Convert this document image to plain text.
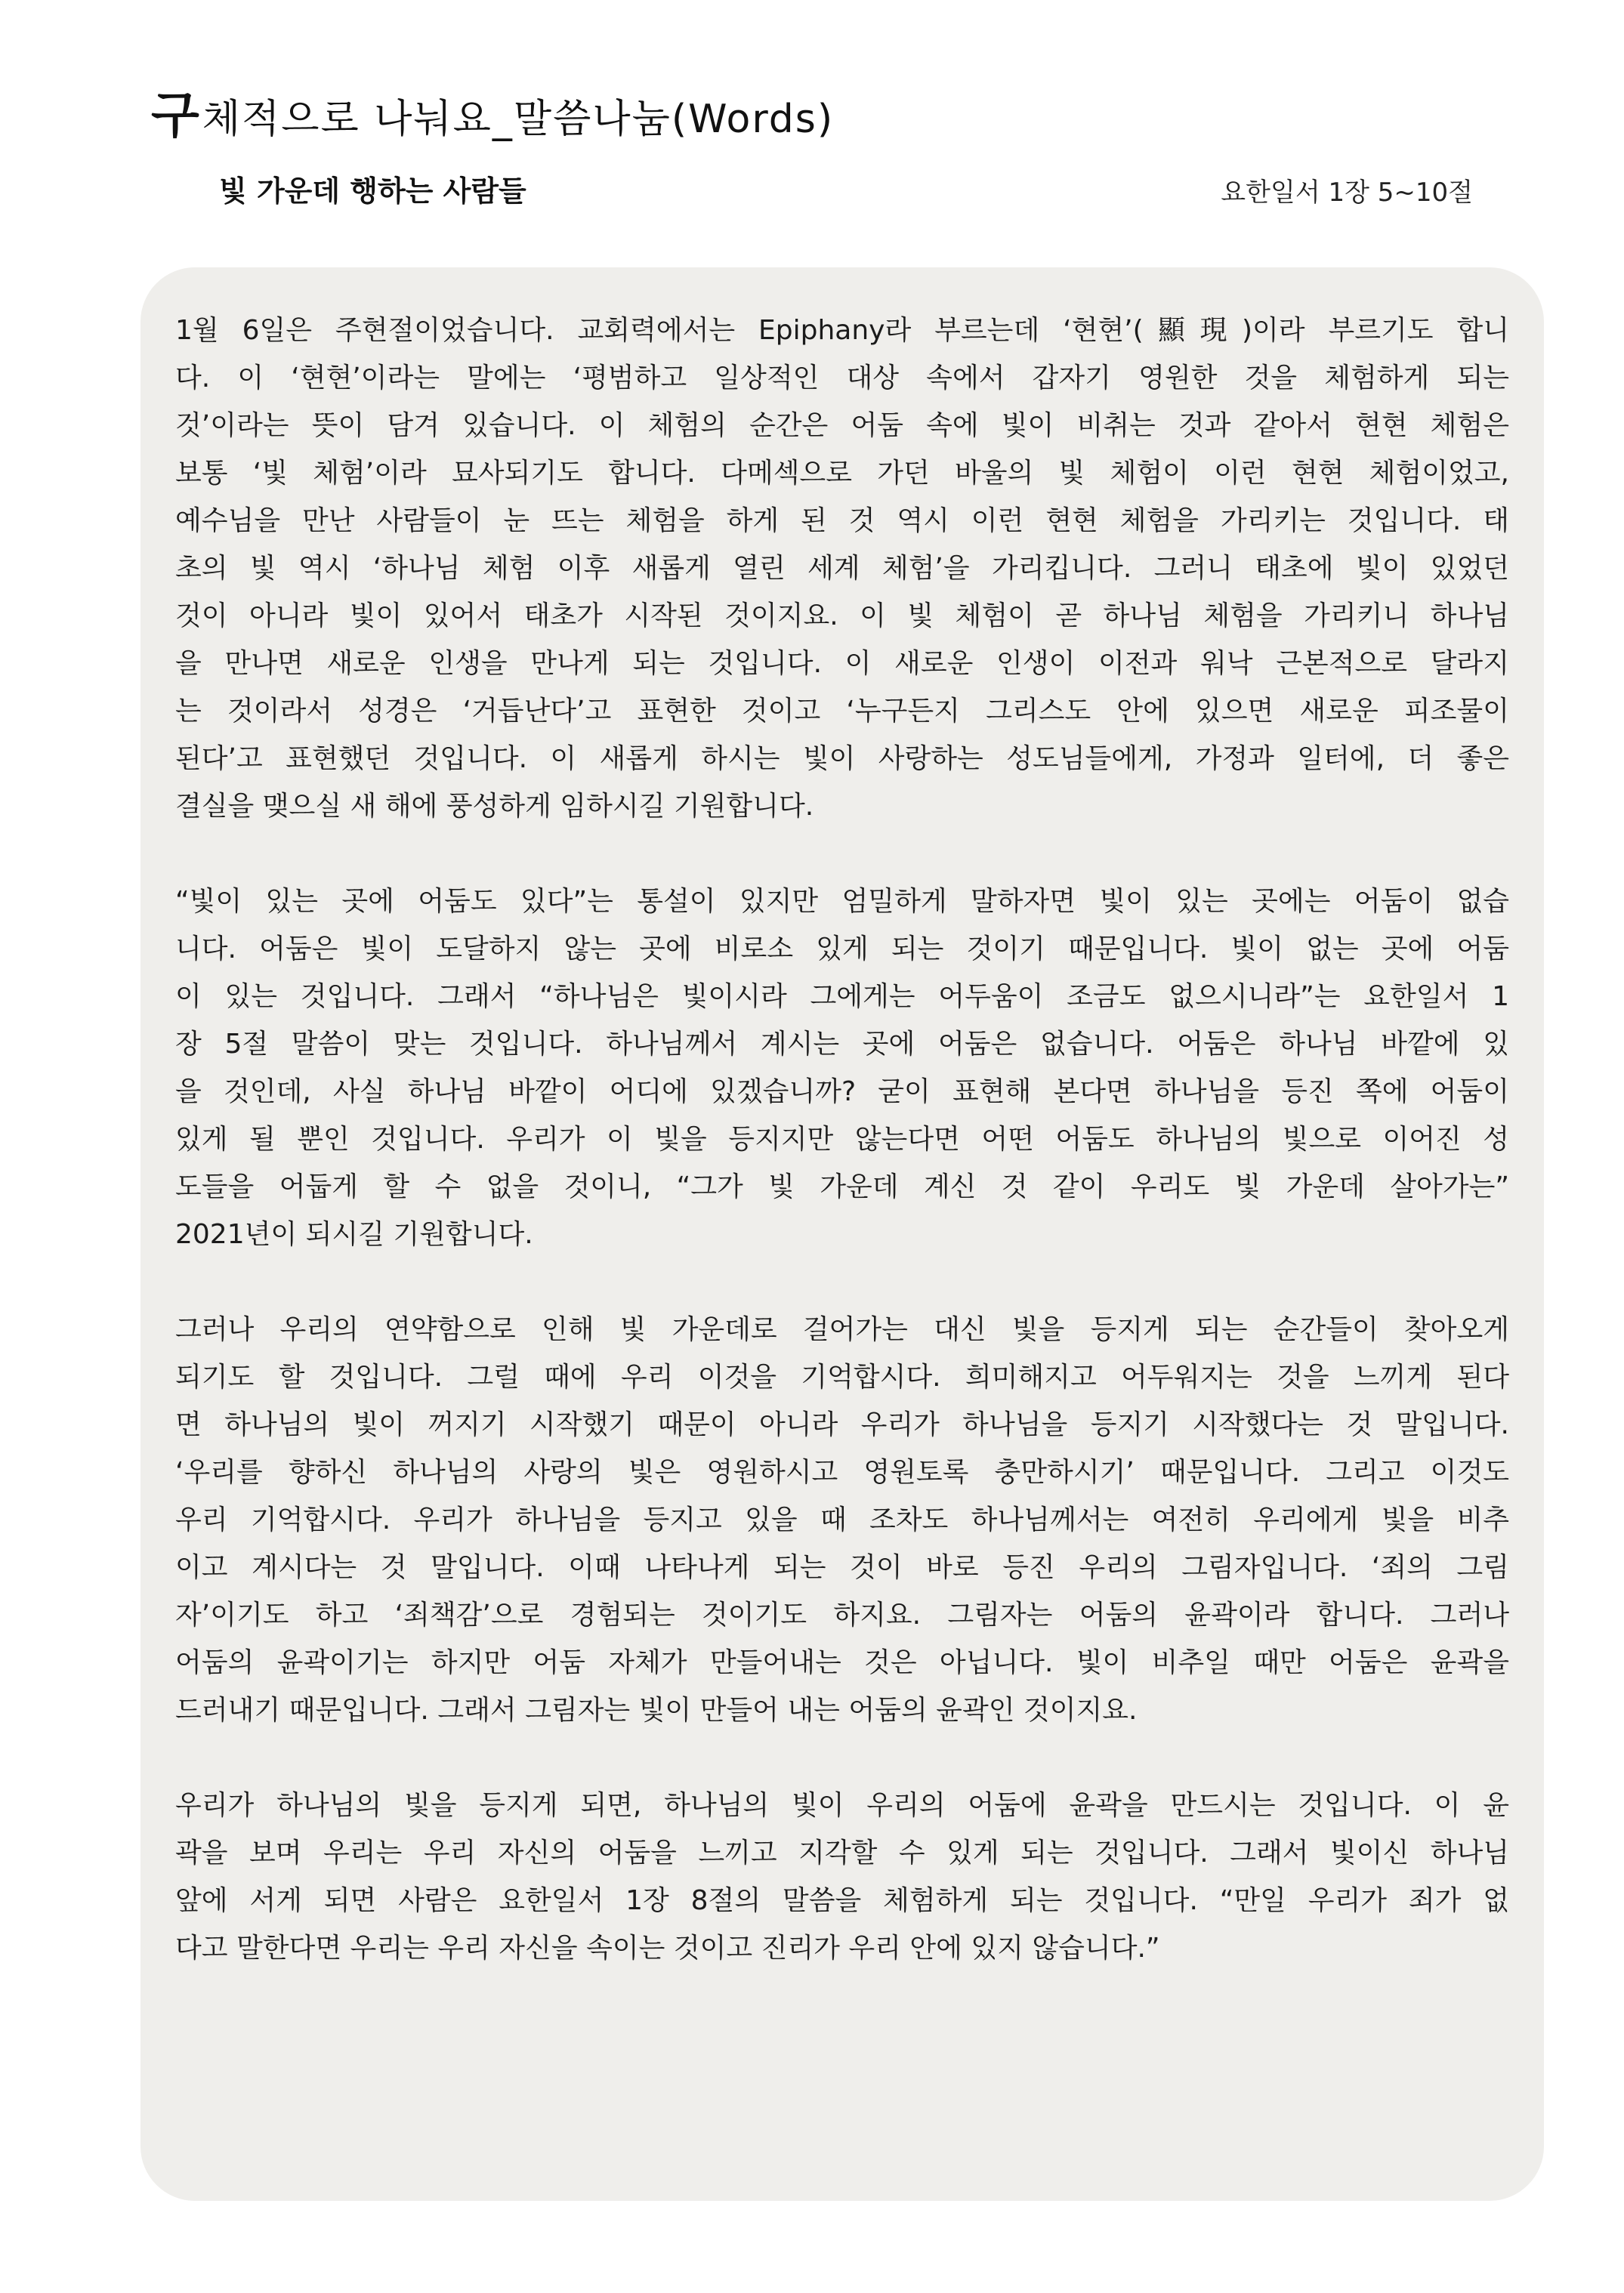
구체적으로 나눠요_말씀나눔(Words)
빛 가운데 행하는 사람들	요한일서 1장 5~10절
1월 6일은 주현절이었습니다. 교회력에서는 Epiphany라 부르는데 ‘현현’(顯現)이라 부르기도 합니
다. 이 ‘현현’이라는 말에는 ‘평범하고 일상적인 대상 속에서 갑자기 영원한 것을 체험하게 되는
것’이라는 뜻이 담겨 있습니다. 이 체험의 순간은 어둠 속에 빛이 비취는 것과 같아서 현현 체험은
보통 ‘빛 체험’이라 묘사되기도 합니다. 다메섹으로 가던 바울의 빛 체험이 이런 현현 체험이었고,
예수님을 만난 사람들이 눈 뜨는 체험을 하게 된 것 역시 이런 현현 체험을 가리키는 것입니다. 태
초의 빛 역시 ‘하나님 체험 이후 새롭게 열린 세계 체험’을 가리킵니다. 그러니 태초에 빛이 있었던
것이 아니라 빛이 있어서 태초가 시작된 것이지요. 이 빛 체험이 곧 하나님 체험을 가리키니 하나님
을 만나면 새로운 인생을 만나게 되는 것입니다. 이 새로운 인생이 이전과 워낙 근본적으로 달라지
는 것이라서 성경은 ‘거듭난다’고 표현한 것이고 ‘누구든지 그리스도 안에 있으면 새로운 피조물이
된다’고 표현했던 것입니다. 이 새롭게 하시는 빛이 사랑하는 성도님들에게, 가정과 일터에, 더 좋은
결실을 맺으실 새 해에 풍성하게 임하시길 기원합니다.
“빛이 있는 곳에 어둠도 있다”는 통설이 있지만 엄밀하게 말하자면 빛이 있는 곳에는 어둠이 없습
니다. 어둠은 빛이 도달하지 않는 곳에 비로소 있게 되는 것이기 때문입니다. 빛이 없는 곳에 어둠
이 있는 것입니다. 그래서 “하나님은 빛이시라 그에게는 어두움이 조금도 없으시니라”는 요한일서 1
장 5절 말씀이 맞는 것입니다. 하나님께서 계시는 곳에 어둠은 없습니다. 어둠은 하나님 바깥에 있
을 것인데, 사실 하나님 바깥이 어디에 있겠습니까? 굳이 표현해 본다면 하나님을 등진 쪽에 어둠이
있게 될 뿐인 것입니다. 우리가 이 빛을 등지지만 않는다면 어떤 어둠도 하나님의 빛으로 이어진 성
도들을 어둡게 할 수 없을 것이니, “그가 빛 가운데 계신 것 같이 우리도 빛 가운데 살아가는”
2021년이 되시길 기원합니다.
그러나 우리의 연약함으로 인해 빛 가운데로 걸어가는 대신 빛을 등지게 되는 순간들이 찾아오게
되기도 할 것입니다. 그럴 때에 우리 이것을 기억합시다. 희미해지고 어두워지는 것을 느끼게 된다
면 하나님의 빛이 꺼지기 시작했기 때문이 아니라 우리가 하나님을 등지기 시작했다는 것 말입니다.
‘우리를 향하신 하나님의 사랑의 빛은 영원하시고 영원토록 충만하시기’ 때문입니다. 그리고 이것도
우리 기억합시다. 우리가 하나님을 등지고 있을 때 조차도 하나님께서는 여전히 우리에게 빛을 비추
이고 계시다는 것 말입니다. 이때 나타나게 되는 것이 바로 등진 우리의 그림자입니다. ‘죄의 그림
자’이기도 하고 ‘죄책감’으로 경험되는 것이기도 하지요. 그림자는 어둠의 윤곽이라 합니다. 그러나
어둠의 윤곽이기는 하지만 어둠 자체가 만들어내는 것은 아닙니다. 빛이 비추일 때만 어둠은 윤곽을
드러내기 때문입니다. 그래서 그림자는 빛이 만들어 내는 어둠의 윤곽인 것이지요.
우리가 하나님의 빛을 등지게 되면, 하나님의 빛이 우리의 어둠에 윤곽을 만드시는 것입니다. 이 윤
곽을 보며 우리는 우리 자신의 어둠을 느끼고 지각할 수 있게 되는 것입니다. 그래서 빛이신 하나님
앞에 서게 되면 사람은 요한일서 1장 8절의 말씀을 체험하게 되는 것입니다. “만일 우리가 죄가 없
다고 말한다면 우리는 우리 자신을 속이는 것이고 진리가 우리 안에 있지 않습니다.”
